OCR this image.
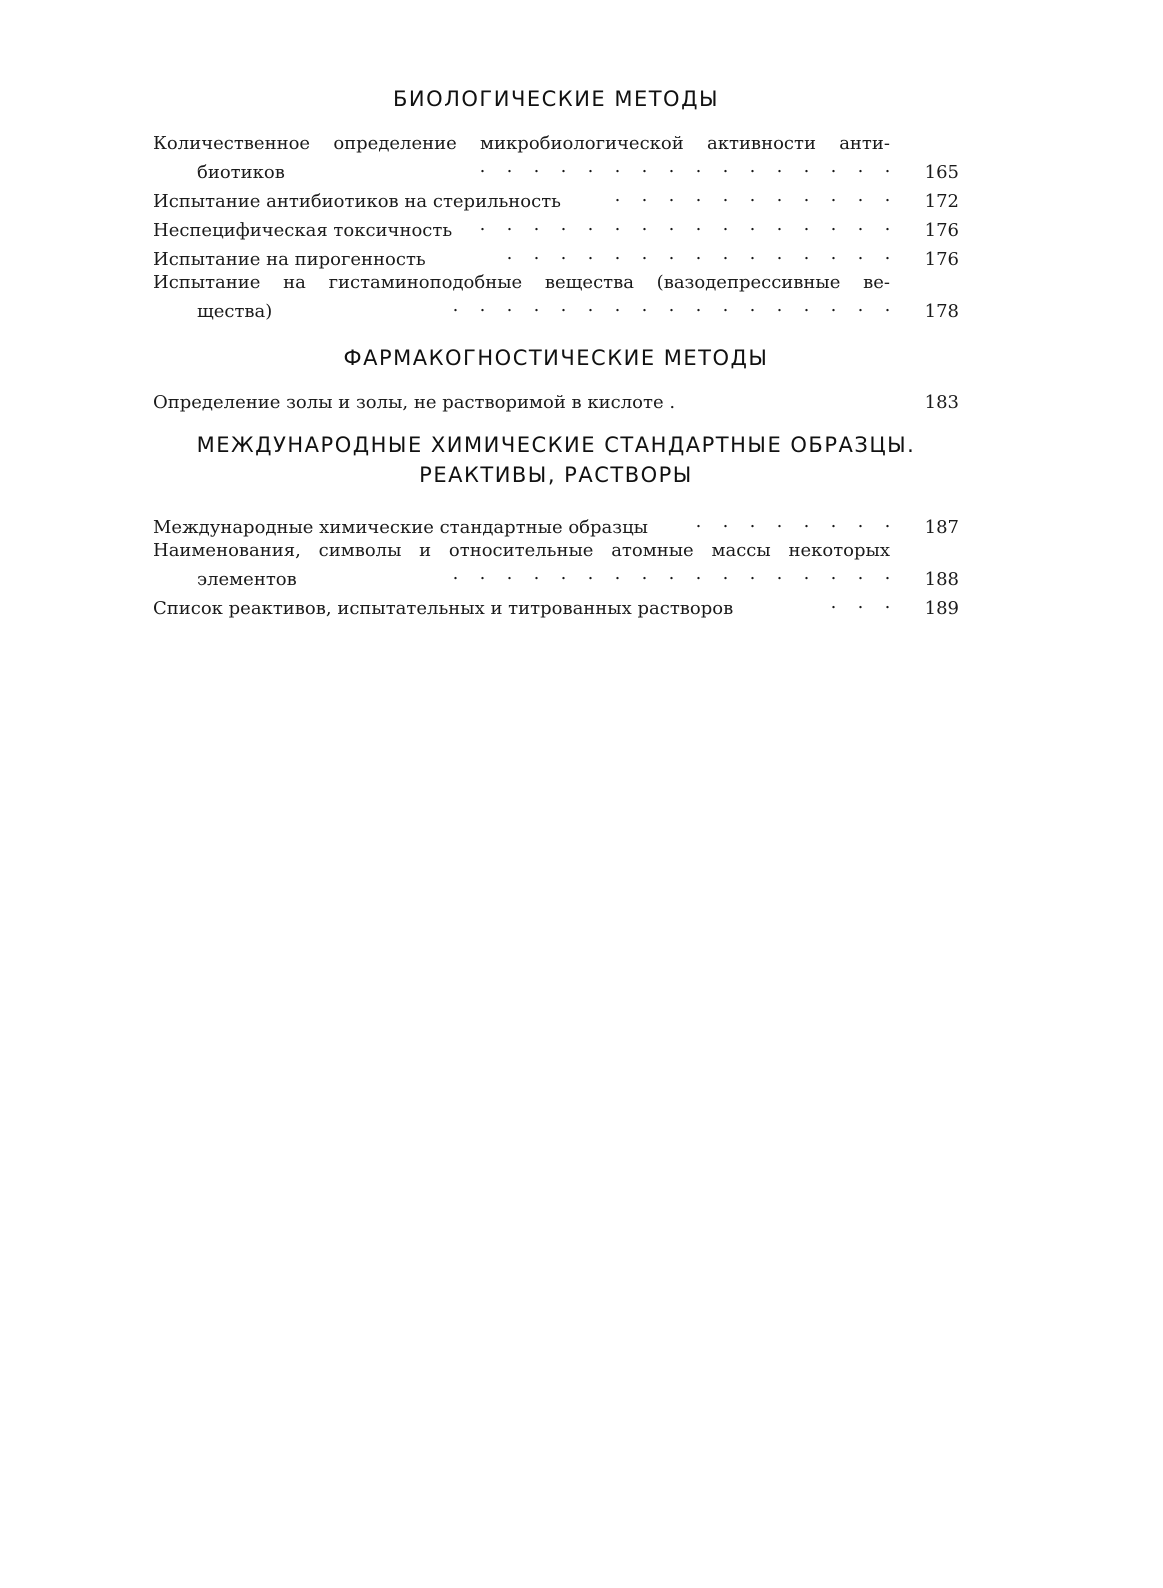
БИОЛОГИЧЕСКИЕ МЕТОДЫ
Количественное определение микробиологической активности анти-
биотиков	. . . . . . . . . . . . . . . .	165
Испытание антибиотиков на стерильность	. . . . . . . . . . .	172
Неспецифическая токсичность	. . . . . . . . . . . . . . . .	176
Испытание на пирогенность	. . . . . . . . . . . . . . .	176
Испытание на гистаминоподобные вещества (вазодепрессивные ве-
щества)	. . . . . . . . . . . . . . . . .	178
ФАРМАКОГНОСТИЧЕСКИЕ МЕТОДЫ
Определение золы и золы, не растворимой в кислоте .	183
МЕЖДУНАРОДНЫЕ ХИМИЧЕСКИЕ СТАНДАРТНЫЕ ОБРАЗЦЫ.
РЕАКТИВЫ, РАСТВОРЫ
Международные химические стандартные образцы	. . . . . . . .	187
Наименования, символы и относительные атомные массы некоторых
элементов	. . . . . . . . . . . . . . . . .	188
Список реактивов, испытательных и титрованных растворов	. . .	189
